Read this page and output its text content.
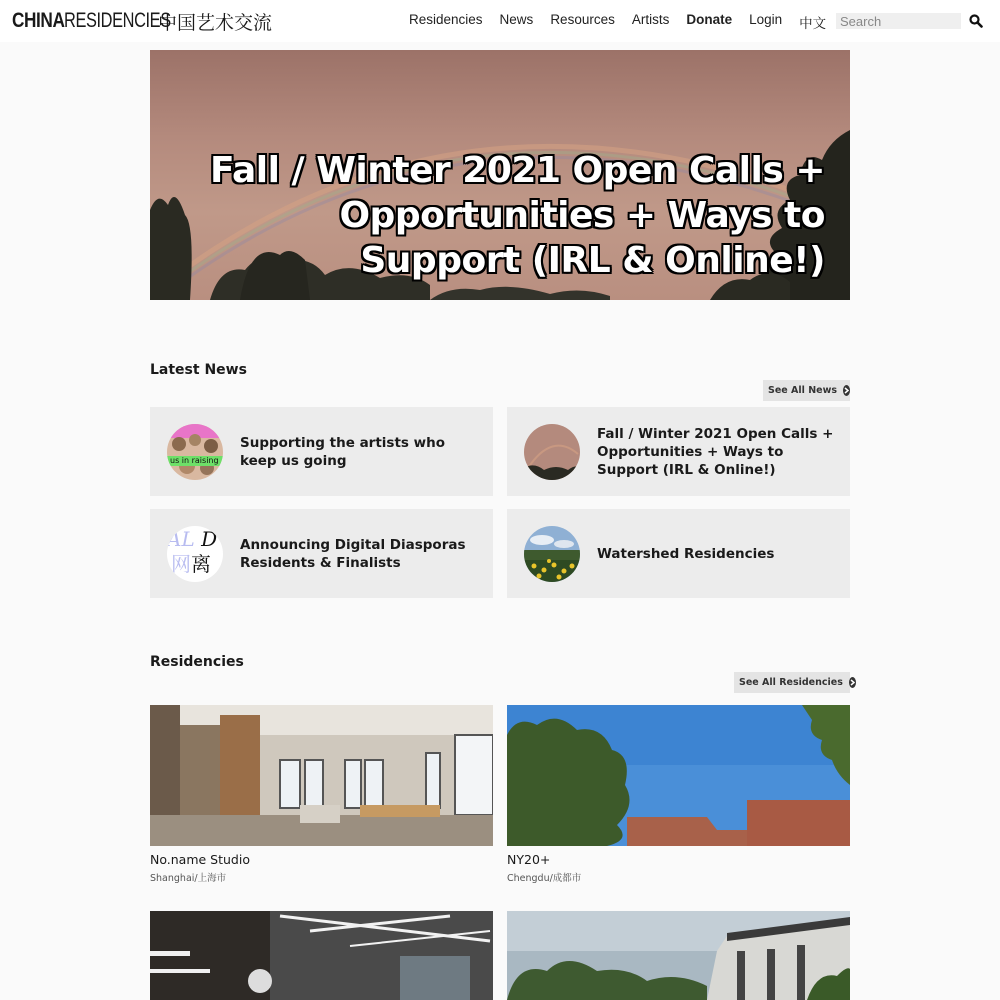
CHINA RESIDENCIES
中国艺术交流	Residencies News Resources Artists Donate Login 中文
Search
Fall / Winter 2021 Open Calls + Opportunities + Ways to Support (IRL & Online!)
Latest News
See All News
us in raising
Supporting the artists who keep us going
Fall / Winter 2021 Open Calls + Opportunities + Ways to Support (IRL & Online!)
AL D
网离
Announcing Digital Diasporas Residents & Finalists
Watershed Residencies
Residencies
See All Residencies
No.name Studio
Shanghai/上海市
NY20+
Chengdu/成都市
